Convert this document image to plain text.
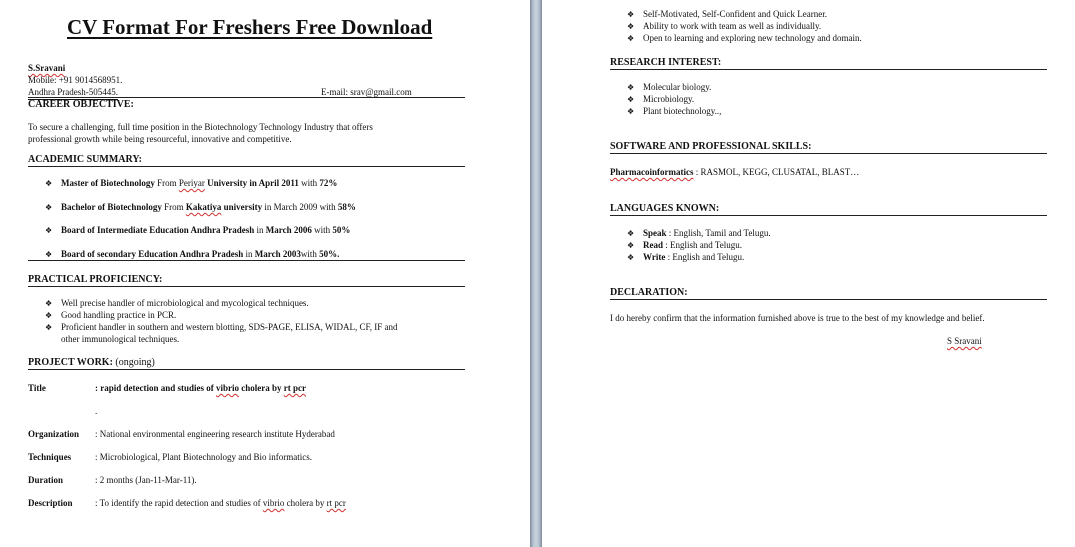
CV Format For Freshers Free Download
S.Sravani
Mobile: +91 9014568951.
Andhra Pradesh-505445.	E-mail: srav@gmail.com
CAREER OBJECTIVE:
To secure a challenging, full time position in the Biotechnology Technology Industry that offers
professional growth while being resourceful, innovative and competitive.
ACADEMIC SUMMARY:
❖ Master of Biotechnology From Periyar University in April 2011 with 72%
❖ Bachelor of Biotechnology From Kakatiya university in March 2009 with 58%
❖ Board of Intermediate Education Andhra Pradesh in March 2006 with 50%
❖ Board of secondary Education Andhra Pradesh in March 2003with 50%.
PRACTICAL PROFICIENCY:
❖ Well precise handler of microbiological and mycological techniques.
❖ Good handling practice in PCR.
❖ Proficient handler in southern and western blotting, SDS-PAGE, ELISA, WIDAL, CF, IF and
other immunological techniques.
PROJECT WORK: (ongoing)
Title	: rapid detection and studies of vibrio cholera by rt pcr
.
Organization : National environmental engineering research institute Hyderabad
Techniques	: Microbiological, Plant Biotechnology and Bio informatics.
Duration	: 2 months (Jan-11-Mar-11).
Description	: To identify the rapid detection and studies of vibrio cholera by rt pcr
❖ Self-Motivated, Self-Confident and Quick Learner.
❖ Ability to work with team as well as individually.
❖ Open to learning and exploring new technology and domain.
RESEARCH INTEREST:
❖ Molecular biology.
❖ Microbiology.
❖ Plant biotechnology..,
SOFTWARE AND PROFESSIONAL SKILLS:
Pharmacoinformatics : RASMOL, KEGG, CLUSATAL, BLAST…
LANGUAGES KNOWN:
❖ Speak : English, Tamil and Telugu.
❖ Read : English and Telugu.
❖ Write : English and Telugu.
DECLARATION:
I do hereby confirm that the information furnished above is true to the best of my knowledge and belief.
S Sravani
